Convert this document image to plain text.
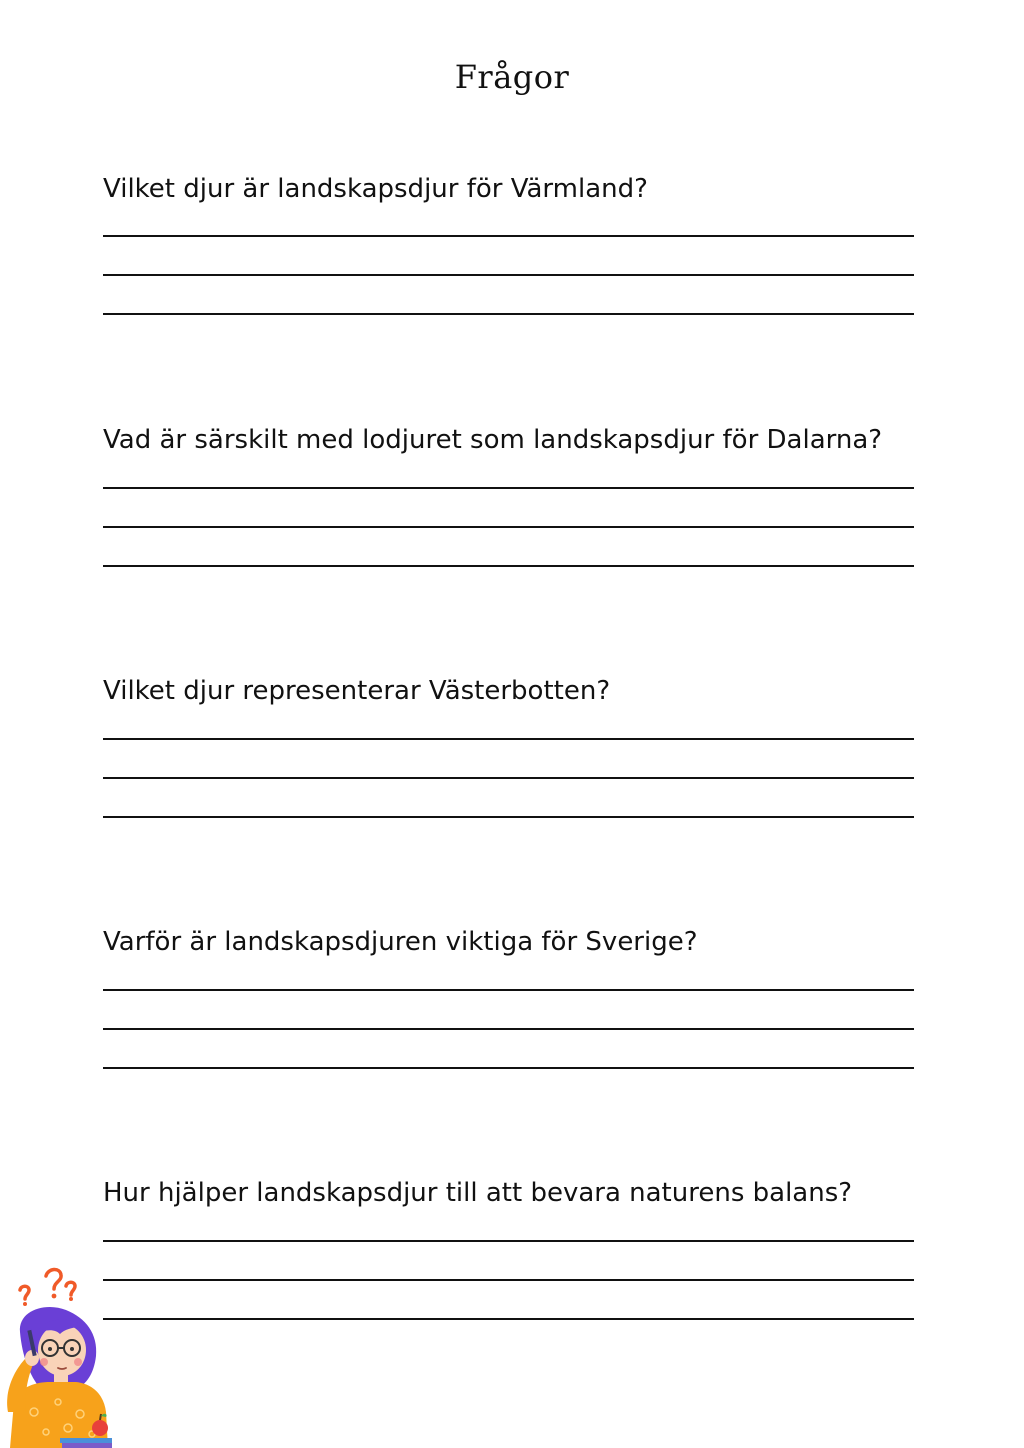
Frågor
Vilket djur är landskapsdjur för Värmland?
Vad är särskilt med lodjuret som landskapsdjur för Dalarna?
Vilket djur representerar Västerbotten?
Varför är landskapsdjuren viktiga för Sverige?
Hur hjälper landskapsdjur till att bevara naturens balans?
